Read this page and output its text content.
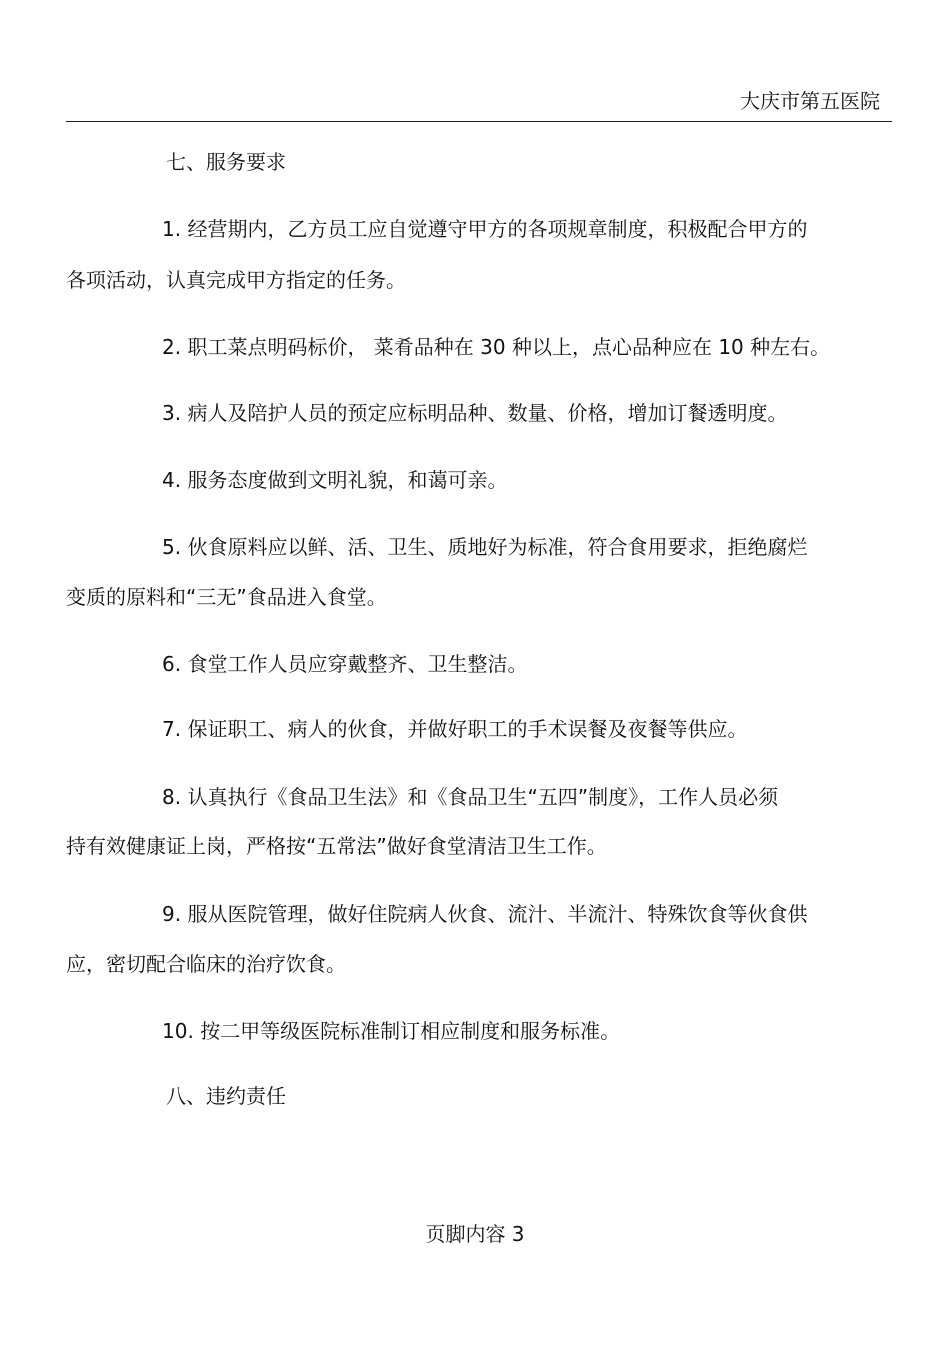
大庆市第五医院

七、服务要求

1. 经营期内，乙方员工应自觉遵守甲方的各项规章制度，积极配合甲方的

各项活动，认真完成甲方指定的任务。

2. 职工菜点明码标价， 菜肴品种在 30 种以上，点心品种应在 10 种左右。

3. 病人及陪护人员的预定应标明品种、数量、价格，增加订餐透明度。

4. 服务态度做到文明礼貌，和蔼可亲。

5. 伙食原料应以鲜、活、卫生、质地好为标准，符合食用要求，拒绝腐烂

变质的原料和“三无”食品进入食堂。

6. 食堂工作人员应穿戴整齐、卫生整洁。

7. 保证职工、病人的伙食，并做好职工的手术误餐及夜餐等供应。

8. 认真执行《食品卫生法》和《食品卫生“五四”制度》，工作人员必须

持有效健康证上岗，严格按“五常法”做好食堂清洁卫生工作。

9. 服从医院管理，做好住院病人伙食、流汁、半流汁、特殊饮食等伙食供

应，密切配合临床的治疗饮食。

10. 按二甲等级医院标准制订相应制度和服务标准。

八、违约责任

页脚内容 3
